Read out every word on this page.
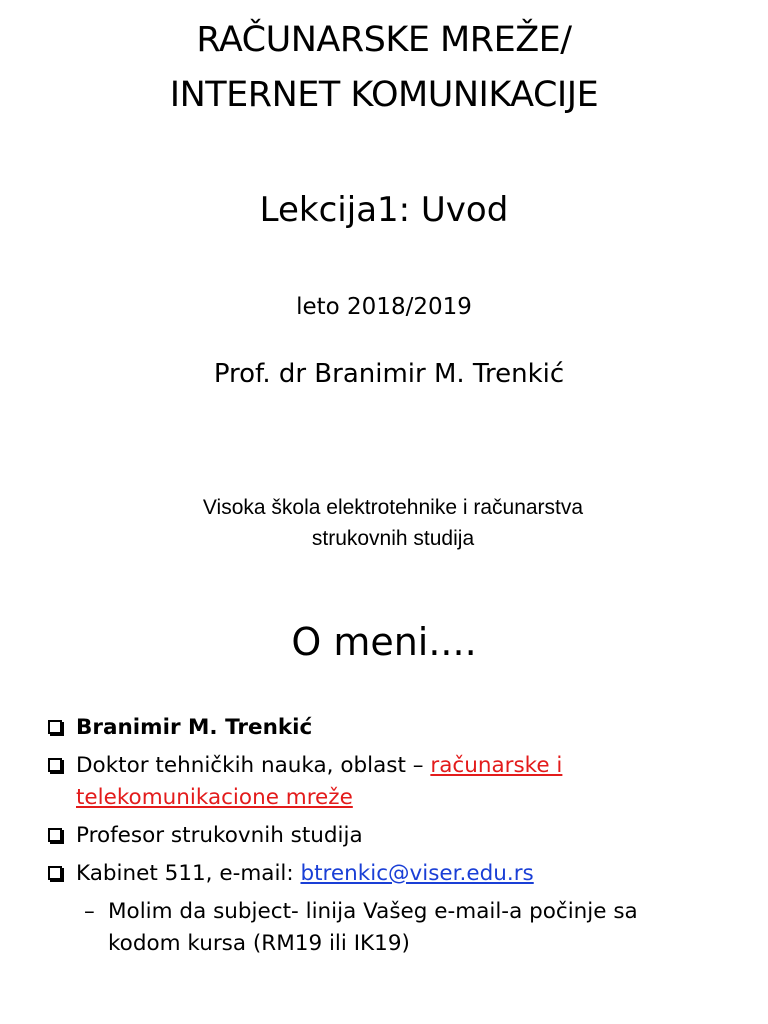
RAČUNARSKE MREŽE/
INTERNET KOMUNIKACIJE
Lekcija1: Uvod
leto 2018/2019
Prof. dr Branimir M. Trenkić
Visoka škola elektrotehnike i računarstva
strukovnih studija
O meni....

Branimir M. Trenkić

Doktor tehničkih nauka, oblast – računarske i
telekomunikacione mreže

Profesor strukovnih studija

Kabinet 511, e-mail: btrenkic@viser.edu.rs

– Molim da subject- linija Vašeg e-mail-a počinje sa
kodom kursa (RM19 ili IK19)
